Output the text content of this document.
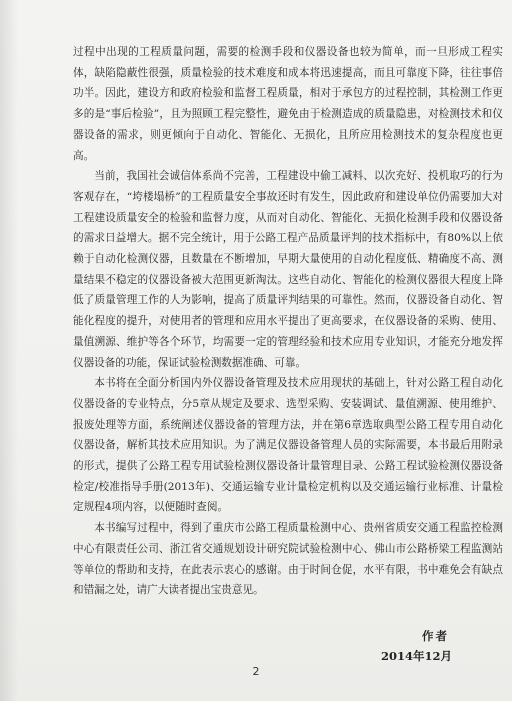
过程中出现的工程质量问题，需要的检测手段和仪器设备也较为简单，而一旦形成工程实体，缺陷隐蔽性很强，质量检验的技术难度和成本将迅速提高，而且可靠度下降，往往事倍功半。因此，建设方和政府检验和监督工程质量，相对于承包方的过程控制，其检测工作更多的是“事后检验”，且为照顾工程完整性，避免由于检测造成的质量隐患，对检测技术和仪器设备的需求，则更倾向于自动化、智能化、无损化，且所应用检测技术的复杂程度也更高。

当前，我国社会诚信体系尚不完善，工程建设中偷工减料、以次充好、投机取巧的行为客观存在，“垮楼塌桥”的工程质量安全事故还时有发生，因此政府和建设单位仍需要加大对工程建设质量安全的检验和监督力度，从而对自动化、智能化、无损化检测手段和仪器设备的需求日益增大。据不完全统计，用于公路工程产品质量评判的技术指标中，有80%以上依赖于自动化检测仪器，且数量在不断增加，早期大量使用的自动化程度低、精确度不高、测量结果不稳定的仪器设备被大范围更新淘汰。这些自动化、智能化的检测仪器很大程度上降低了质量管理工作的人为影响，提高了质量评判结果的可靠性。然而，仪器设备自动化、智能化程度的提升，对使用者的管理和应用水平提出了更高要求，在仪器设备的采购、使用、量值溯源、维护等各个环节，均需要一定的管理经验和技术应用专业知识，才能充分地发挥仪器设备的功能，保证试验检测数据准确、可靠。

本书将在全面分析国内外仪器设备管理及技术应用现状的基础上，针对公路工程自动化仪器设备的专业特点，分5章从规定及要求、选型采购、安装调试、量值溯源、使用维护、报废处理等方面，系统阐述仪器设备的管理方法，并在第6章选取典型公路工程专用自动化仪器设备，解析其技术应用知识。为了满足仪器设备管理人员的实际需要，本书最后用附录的形式，提供了公路工程专用试验检测仪器设备计量管理目录、公路工程试验检测仪器设备检定/校准指导手册(2013年)、交通运输专业计量检定机构以及交通运输行业标准、计量检定规程4项内容，以便随时查阅。

本书编写过程中，得到了重庆市公路工程质量检测中心、贵州省质安交通工程监控检测中心有限责任公司、浙江省交通规划设计研究院试验检测中心、佛山市公路桥梁工程监测站等单位的帮助和支持，在此表示衷心的感谢。由于时间仓促，水平有限，书中难免会有缺点和错漏之处，请广大读者提出宝贵意见。

作者
2014年12月
2
